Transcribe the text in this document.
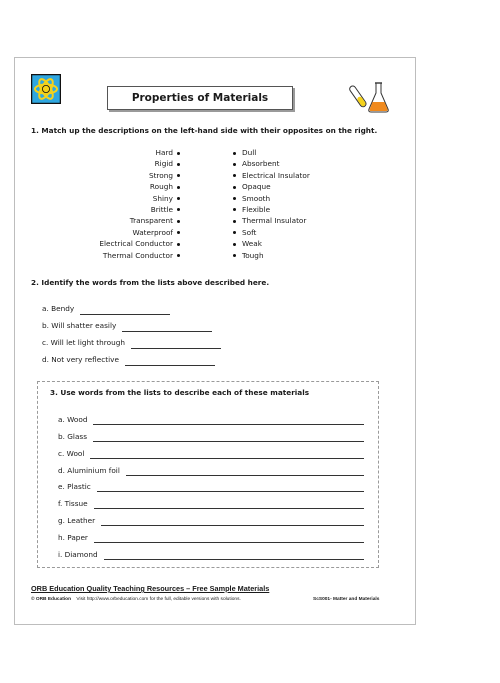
Properties of Materials
1. Match up the descriptions on the left-hand side with their opposites on the right.
Hard	Dull
Rigid	Absorbent
Strong	Electrical Insulator
Rough	Opaque
Shiny	Smooth
Brittle	Flexible
Transparent	Thermal Insulator
Waterproof	Soft
Electrical Conductor	Weak
Thermal Conductor	Tough
2. Identify the words from the lists above described here.
a. Bendy
b. Will shatter easily
c. Will let light through
d. Not very reflective
3. Use words from the lists to describe each of these materials
a. Wood
b. Glass
c. Wool
d. Aluminium foil
e. Plastic
f. Tissue
g. Leather
h. Paper
i. Diamond
ORB Education Quality Teaching Resources – Free Sample Materials
© ORB Education Visit http://www.orbeducation.com for the full, editable versions with solutions.	ScS001- Matter and Materials
